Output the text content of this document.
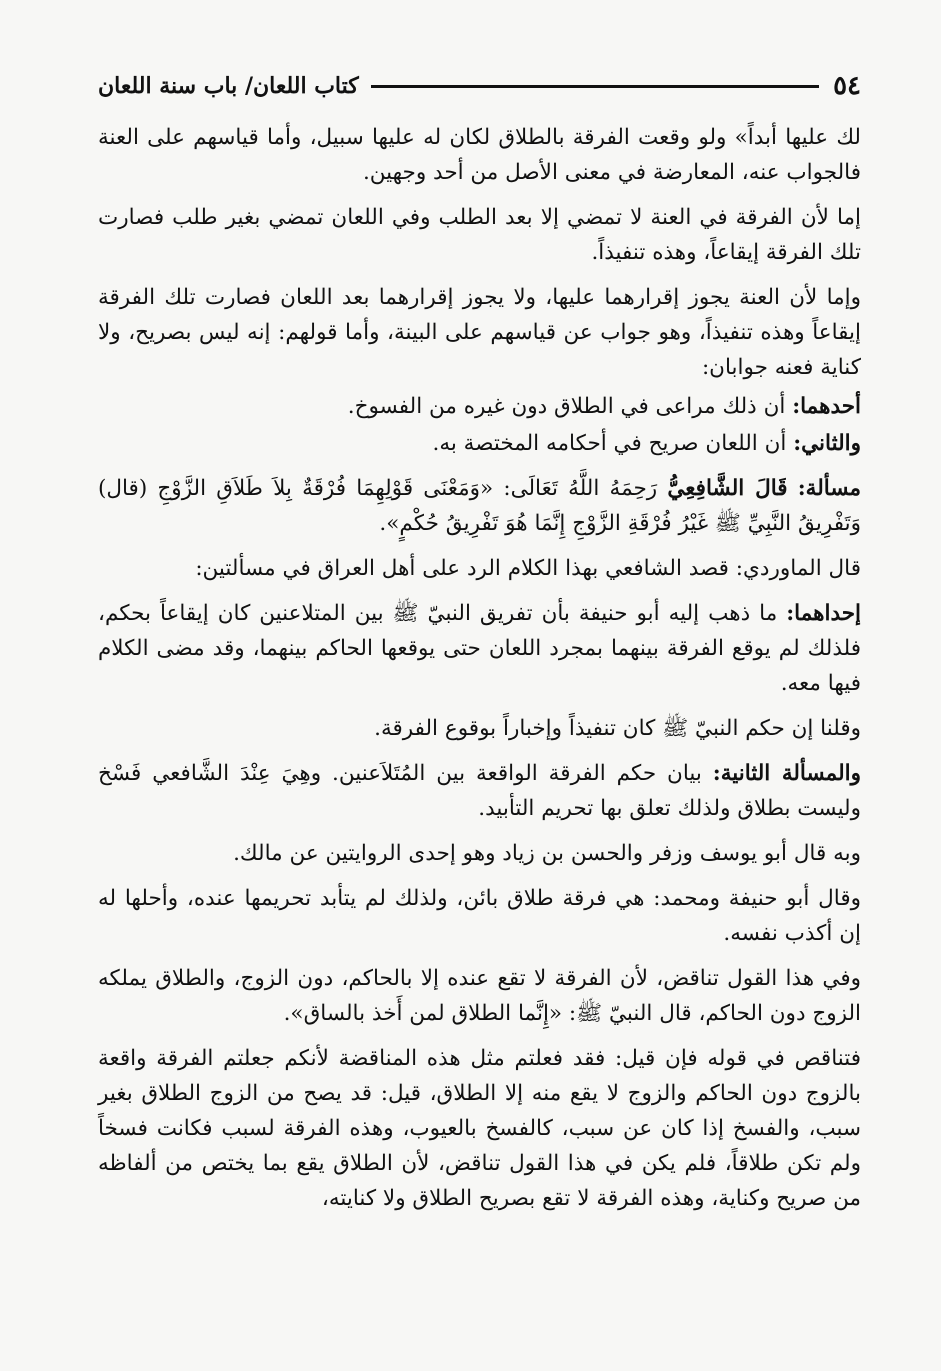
٥٤
كتاب اللعان/ باب سنة اللعان

لك عليها أبداً» ولو وقعت الفرقة بالطلاق لكان له عليها سبيل، وأما قياسهم على العنة فالجواب عنه، المعارضة في معنى الأصل من أحد وجهين.

إما لأن الفرقة في العنة لا تمضي إلا بعد الطلب وفي اللعان تمضي بغير طلب فصارت تلك الفرقة إيقاعاً، وهذه تنفيذاً.

وإما لأن العنة يجوز إقرارهما عليها، ولا يجوز إقرارهما بعد اللعان فصارت تلك الفرقة إيقاعاً وهذه تنفيذاً، وهو جواب عن قياسهم على البينة، وأما قولهم: إنه ليس بصريح، ولا كناية فعنه جوابان:

أحدهما: أن ذلك مراعى في الطلاق دون غيره من الفسوخ.

والثاني: أن اللعان صريح في أحكامه المختصة به.

مسألة: قَالَ الشَّافِعِيُّ رَحِمَهُ اللَّهُ تَعَالَى: «وَمَعْنَى قَوْلِهِمَا فُرْقَةٌ بِلاَ طَلاَقِ الزَّوْجِ (قال) وَتَفْرِيقُ النَّبِيِّ ﷺ غَيْرُ فُرْقَةِ الزَّوْجِ إِنَّمَا هُوَ تَفْرِيقُ حُكْمٍ».

قال الماوردي: قصد الشافعي بهذا الكلام الرد على أهل العراق في مسألتين:

إحداهما: ما ذهب إليه أبو حنيفة بأن تفريق النبيّ ﷺ بين المتلاعنين كان إيقاعاً بحكم، فلذلك لم يوقع الفرقة بينهما بمجرد اللعان حتى يوقعها الحاكم بينهما، وقد مضى الكلام فيها معه.

وقلنا إن حكم النبيّ ﷺ كان تنفيذاً وإخباراً بوقوع الفرقة.

والمسألة الثانية: بيان حكم الفرقة الواقعة بين المُتَلاَعنين. وهِيَ عِنْدَ الشَّافعي فَسْخ وليست بطلاق ولذلك تعلق بها تحريم التأبيد.

وبه قال أبو يوسف وزفر والحسن بن زياد وهو إحدى الروايتين عن مالك.

وقال أبو حنيفة ومحمد: هي فرقة طلاق بائن، ولذلك لم يتأبد تحريمها عنده، وأحلها له إن أكذب نفسه.

وفي هذا القول تناقض، لأن الفرقة لا تقع عنده إلا بالحاكم، دون الزوج، والطلاق يملكه الزوج دون الحاكم، قال النبيّ ﷺ: «إِنَّما الطلاق لمن أَخذ بالساق».

فتناقص في قوله فإن قيل: فقد فعلتم مثل هذه المناقضة لأنكم جعلتم الفرقة واقعة بالزوج دون الحاكم والزوج لا يقع منه إلا الطلاق، قيل: قد يصح من الزوج الطلاق بغير سبب، والفسخ إذا كان عن سبب، كالفسخ بالعيوب، وهذه الفرقة لسبب فكانت فسخاً ولم تكن طلاقاً، فلم يكن في هذا القول تناقض، لأن الطلاق يقع بما يختص من ألفاظه من صريح وكناية، وهذه الفرقة لا تقع بصريح الطلاق ولا كنايته،
